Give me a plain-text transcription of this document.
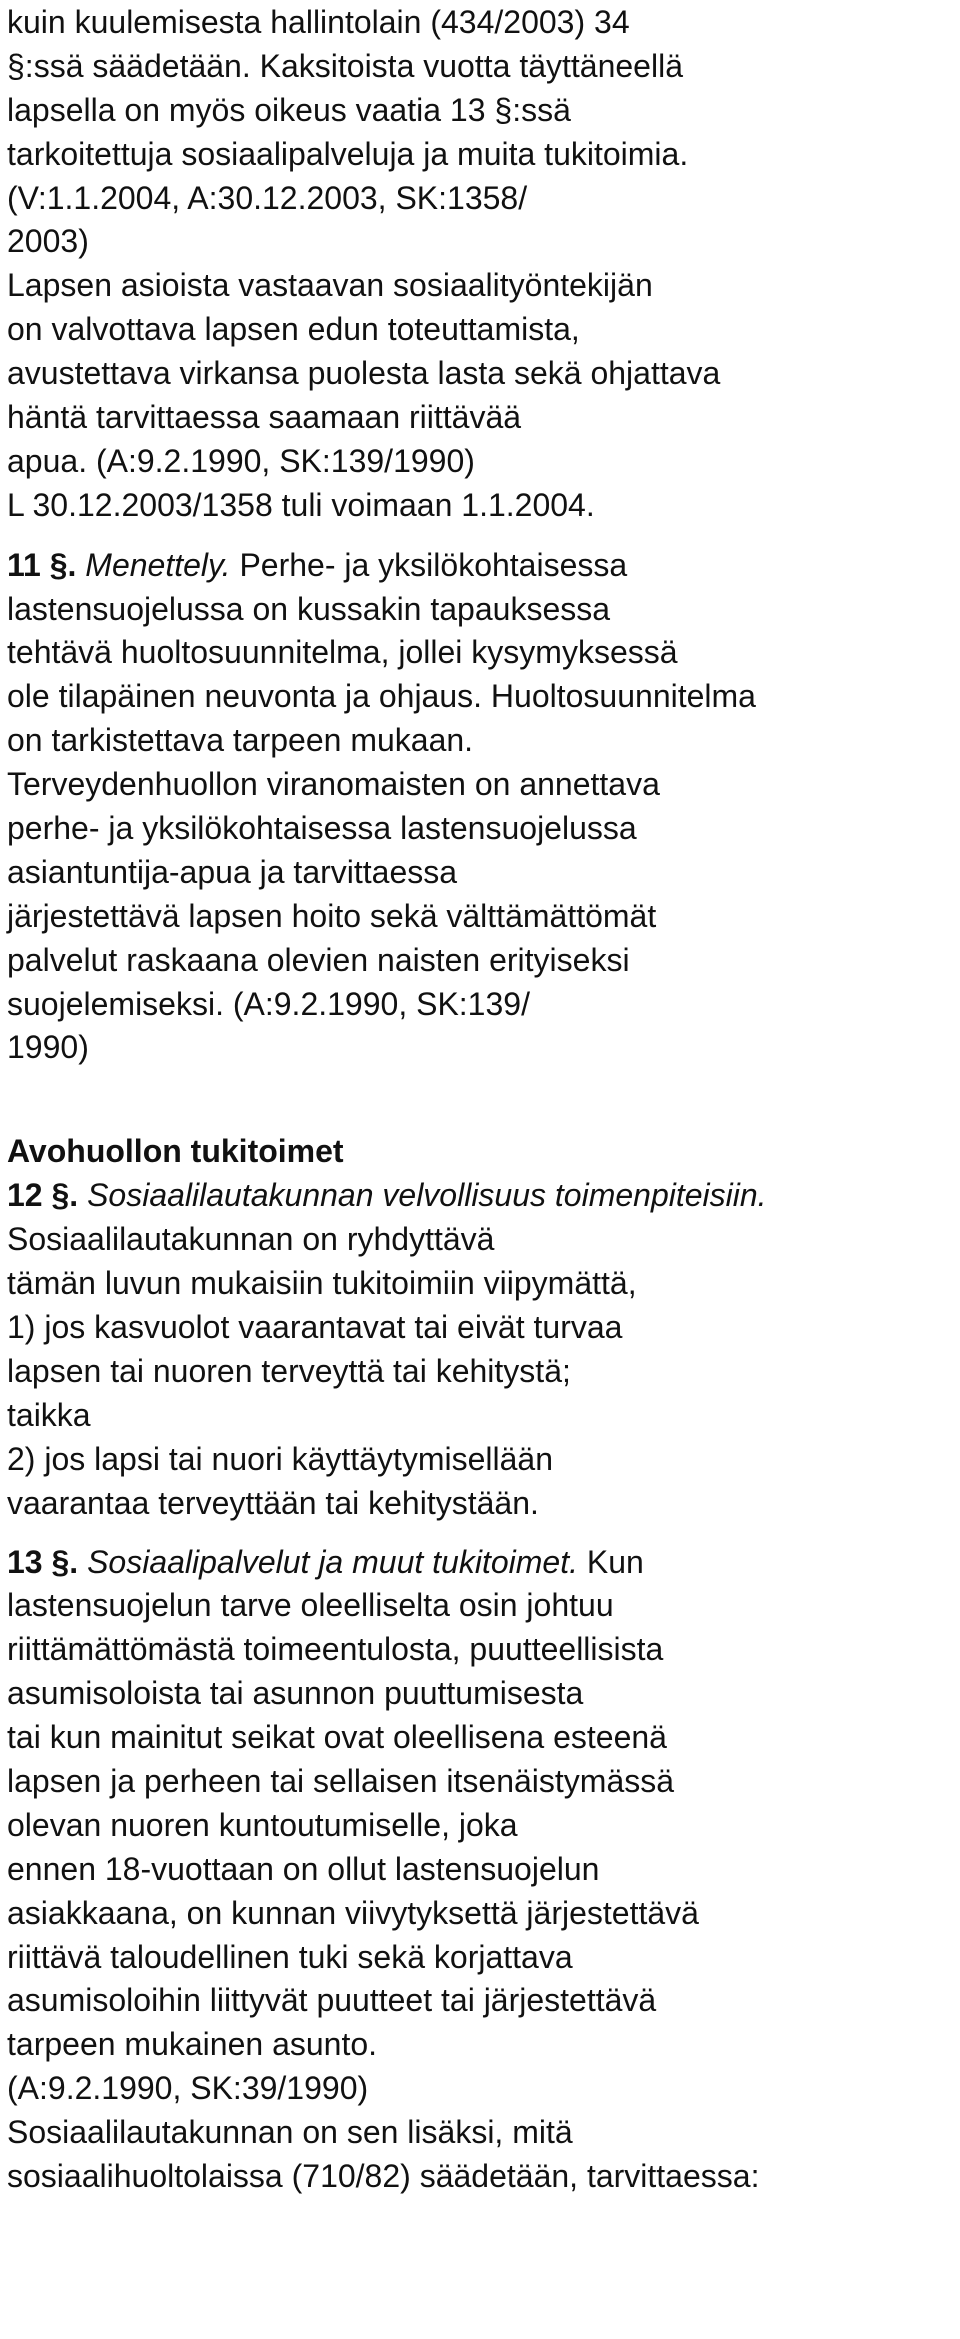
kuin kuulemisesta hallintolain (434/2003) 34
§:ssä säädetään. Kaksitoista vuotta täyttäneellä
lapsella on myös oikeus vaatia 13 §:ssä
tarkoitettuja sosiaalipalveluja ja muita tukitoimia.
(V:1.1.2004, A:30.12.2003, SK:1358/
2003)
Lapsen asioista vastaavan sosiaalityöntekijän
on valvottava lapsen edun toteuttamista,
avustettava virkansa puolesta lasta sekä ohjattava
häntä tarvittaessa saamaan riittävää
apua. (A:9.2.1990, SK:139/1990)
L 30.12.2003/1358 tuli voimaan 1.1.2004.
11 §. Menettely. Perhe- ja yksilökohtaisessa
lastensuojelussa on kussakin tapauksessa
tehtävä huoltosuunnitelma, jollei kysymyksessä
ole tilapäinen neuvonta ja ohjaus. Huoltosuunnitelma
on tarkistettava tarpeen mukaan.
Terveydenhuollon viranomaisten on annettava
perhe- ja yksilökohtaisessa lastensuojelussa
asiantuntija-apua ja tarvittaessa
järjestettävä lapsen hoito sekä välttämättömät
palvelut raskaana olevien naisten erityiseksi
suojelemiseksi. (A:9.2.1990, SK:139/
1990)
Avohuollon tukitoimet
12 §. Sosiaalilautakunnan velvollisuus toimenpiteisiin.
Sosiaalilautakunnan on ryhdyttävä
tämän luvun mukaisiin tukitoimiin viipymättä,
1) jos kasvuolot vaarantavat tai eivät turvaa
lapsen tai nuoren terveyttä tai kehitystä;
taikka
2) jos lapsi tai nuori käyttäytymisellään
vaarantaa terveyttään tai kehitystään.
13 §. Sosiaalipalvelut ja muut tukitoimet. Kun
lastensuojelun tarve oleelliselta osin johtuu
riittämättömästä toimeentulosta, puutteellisista
asumisoloista tai asunnon puuttumisesta
tai kun mainitut seikat ovat oleellisena esteenä
lapsen ja perheen tai sellaisen itsenäistymässä
olevan nuoren kuntoutumiselle, joka
ennen 18-vuottaan on ollut lastensuojelun
asiakkaana, on kunnan viivytyksettä järjestettävä
riittävä taloudellinen tuki sekä korjattava
asumisoloihin liittyvät puutteet tai järjestettävä
tarpeen mukainen asunto.
(A:9.2.1990, SK:39/1990)
Sosiaalilautakunnan on sen lisäksi, mitä
sosiaalihuoltolaissa (710/82) säädetään, tarvittaessa:
